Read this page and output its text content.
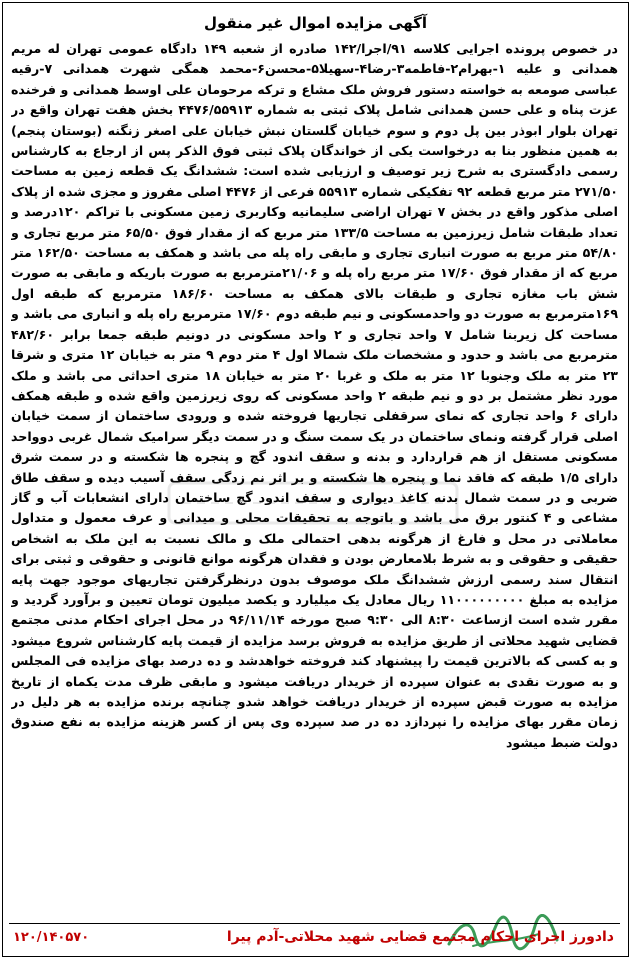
آگهی مزایده اموال غیر منقول
در خصوص پرونده اجرایی کلاسه ۹۱/اجرا/۱۴۲ صادره از شعبه ۱۴۹ دادگاه عمومی تهران له مریم همدانی و علیه ۱-بهرام۲-فاطمه۳-رضا۴-سهیلا۵-محسن۶-محمد همگی شهرت همدانی ۷-رقیه عباسی صومعه به خواسته دستور فروش ملک مشاع و ترکه مرحومان علی اوسط همدانی و فرخنده عزت پناه و علی حسن همدانی شامل پلاک ثبتی به شماره ۴۴۷۶/۵۵۹۱۳ بخش هفت تهران واقع در تهران بلوار ابوذر بین پل دوم و سوم خیابان گلستان نبش خیابان علی اصغر زنگنه (بوستان پنجم) به همین منظور بنا به درخواست یکی از خواندگان پلاک ثبتی فوق الذکر پس از ارجاع به کارشناس رسمی دادگستری به شرح زیر توصیف و ارزیابی شده است: ششدانگ یک قطعه زمین به مساحت ۲۷۱/۵۰ متر مربع قطعه ۹۲ تفکیکی شماره ۵۵۹۱۳ فرعی از ۴۴۷۶ اصلی مفروز و مجزی شده از پلاک اصلی مذکور واقع در بخش ۷ تهران اراضی سلیمانیه وکاربری زمین مسکونی با تراکم ۱۲۰درصد و تعداد طبقات شامل زیرزمین به مساحت ۱۳۳/۵ متر مربع که از مقدار فوق ۶۵/۵۰ متر مربع تجاری و ۵۴/۸۰ متر مربع به صورت انباری تجاری و مابقی راه پله می باشد و همکف به مساحت ۱۶۲/۵۰ متر مربع که از مقدار فوق ۱۷/۶۰ متر مربع راه پله و ۲۱/۰۶مترمربع به صورت باریکه و مابقی به صورت شش باب مغازه تجاری و طبقات بالای همکف به مساحت ۱۸۶/۶۰ مترمربع که طبقه اول ۱۶۹مترمربع به صورت دو واحدمسکونی و نیم طبقه دوم ۱۷/۶۰ مترمربع راه پله و انباری می باشد و مساحت کل زیربنا شامل ۷ واحد تجاری و ۲ واحد مسکونی در دونیم طبقه جمعا برابر ۴۸۲/۶۰ مترمربع می باشد و حدود و مشخصات ملک شمالا اول ۴ متر دوم ۹ متر به خیابان ۱۲ متری و شرقا ۲۳ متر به ملک وجنوبا ۱۲ متر به ملک و غربا ۲۰ متر به خیابان ۱۸ متری احداثی می باشد و ملک مورد نظر مشتمل بر دو و نیم طبقه ۲ واحد مسکونی که روی زیرزمین واقع شده و طبقه همکف دارای ۶ واحد تجاری که نمای سرقفلی تجاریها فروخته شده و ورودی ساختمان از سمت خیابان اصلی قرار گرفته ونمای ساختمان در یک سمت سنگ و در سمت دیگر سرامیک شمال غربی دوواحد مسکونی مستقل از هم قراردارد و بدنه و سقف اندود گچ و پنجره ها شکسته و در سمت شرق دارای ۱/۵ طبقه که فاقد نما و پنجره ها شکسته و بر اثر نم زدگی سقف آسیب دیده و سقف طاق ضربی و در سمت شمال بدنه کاغذ دیواری و سقف اندود گچ ساختمان دارای انشعابات آب و گاز مشاعی و ۴ کنتور برق می باشد و باتوجه به تحقیقات محلی و میدانی و عرف معمول و متداول معاملاتی در محل و فارغ از هرگونه بدهی احتمالی ملک و مالک نسبت به این ملک به اشخاص حقیقی و حقوقی و به شرط بلامعارض بودن و فقدان هرگونه موانع قانونی و حقوقی و ثبتی برای انتقال سند رسمی ارزش ششدانگ ملک موصوف بدون درنظرگرفتن تجاریهای موجود جهت پایه مزایده به مبلغ ۱۱۰۰۰۰۰۰۰۰۰ ریال معادل یک میلیارد و یکصد میلیون تومان تعیین و برآورد گردید و مقرر شده است ازساعت ۸:۳۰ الی ۹:۳۰ صبح مورخه ۹۶/۱۱/۱۴ در محل اجرای احکام مدنی مجتمع قضایی شهید محلاتی از طریق مزایده به فروش برسد مزایده از قیمت پایه کارشناس شروع میشود و به کسی که بالاترین قیمت را پیشنهاد کند فروخته خواهدشد و ده درصد بهای مزایده فی المجلس و به صورت نقدی به عنوان سپرده از خریدار دریافت میشود و مابقی ظرف مدت یکماه از تاریخ مزایده به صورت قبض سپرده از خریدار دریافت خواهد شدو چنانچه برنده مزایده به هر دلیل در زمان مقرر بهای مزایده را نپردازد ده در صد سپرده وی پس از کسر هزینه مزایده به نفع صندوق دولت ضبط میشود
دادورز اجرای احکام مجتمع قضایی شهید محلاتی-آدم پیرا
۱۲۰/۱۴۰۵۷۰
